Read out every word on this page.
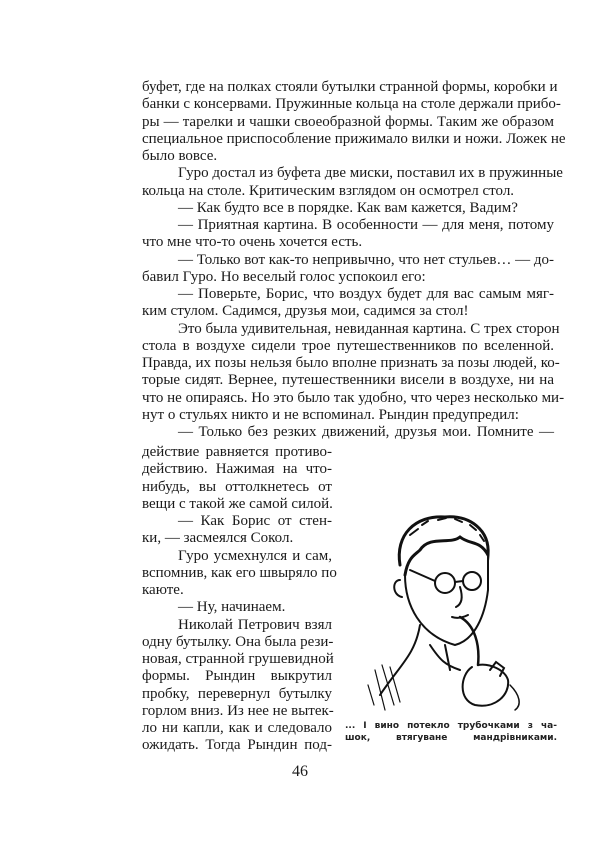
буфет, где на полках стояли бутылки странной формы, коробки и
банки с консервами. Пружинные кольца на столе держали прибо-
ры — тарелки и чашки своеобразной формы. Таким же образом
специальное приспособление прижимало вилки и ножи. Ложек не
было вовсе.
Гуро достал из буфета две миски, поставил их в пружинные
кольца на столе. Критическим взглядом он осмотрел стол.
— Как будто все в порядке. Как вам кажется, Вадим?
— Приятная картина. В особенности — для меня, потому
что мне что-то очень хочется есть.
— Только вот как-то непривычно, что нет стульев… — до-
бавил Гуро. Но веселый голос успокоил его:
— Поверьте, Борис, что воздух будет для вас самым мяг-
ким стулом. Садимся, друзья мои, садимся за стол!
Это была удивительная, невиданная картина. С трех сторон
стола в воздухе сидели трое путешественников по вселенной.
Правда, их позы нельзя было вполне признать за позы людей, ко-
торые сидят. Вернее, путешественники висели в воздухе, ни на
что не опираясь. Но это было так удобно, что через несколько ми-
нут о стульях никто и не вспоминал. Рындин предупредил:
— Только без резких движений, друзья мои. Помните —
действие равняется противо-
действию. Нажимая на что-
нибудь, вы оттолкнетесь от
вещи с такой же самой силой.
— Как Борис от стен-
ки, — засмеялся Сокол.
Гуро усмехнулся и сам,
вспомнив, как его швыряло по
каюте.
— Ну, начинаем.
Николай Петрович взял
одну бутылку. Она была рези-
новая, странной грушевидной
формы. Рындин выкрутил
пробку, перевернул бутылку
горлом вниз. Из нее не вытек-
ло ни капли, как и следовало
ожидать. Тогда Рындин под-
... І вино потекло трубочками з ча-
шок, втягуване мандрівниками.
46
